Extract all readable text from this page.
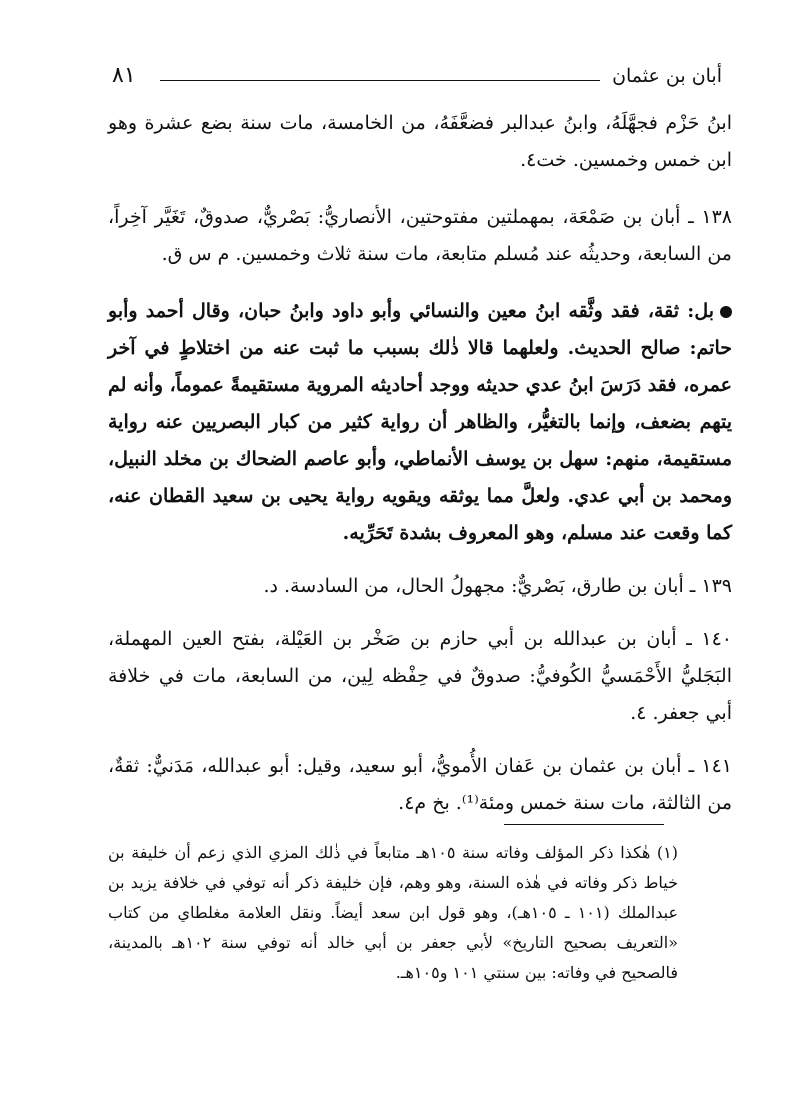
٨١	أبان بن عثمان

ابنُ حَزْم فجهَّلَهُ، وابنُ عبدالبر فضعَّفَهُ، من الخامسة، مات سنة بضع عشرة وهو ابن خمس وخمسين. خت٤.

١٣٨ ـ أبان بن صَمْعَة، بمهملتين مفتوحتين، الأنصاريُّ: بَصْريٌّ، صدوقٌ، تَغَيَّر آخِراً، من السابعة، وحديثُه عند مُسلم متابعة، مات سنة ثلاث وخمسين. م س ق.

بل: ثقة، فقد وثَّقه ابنُ معين والنسائي وأبو داود وابنُ حبان، وقال أحمد وأبو حاتم: صالح الحديث. ولعلهما قالا ذٰلك بسبب ما ثبت عنه من اختلاطٍ في آخر عمره، فقد دَرَسَ ابنُ عدي حديثه ووجد أحاديثه المروية مستقيمةً عموماً، وأنه لم يتهم بضعف، وإنما بالتغيُّر، والظاهر أن رواية كثير من كبار البصريين عنه رواية مستقيمة، منهم: سهل بن يوسف الأنماطي، وأبو عاصم الضحاك بن مخلد النبيل، ومحمد بن أبي عدي. ولعلَّ مما يوثقه ويقويه رواية يحيى بن سعيد القطان عنه، كما وقعت عند مسلم، وهو المعروف بشدة تَحَرِّيه.

١٣٩ ـ أبان بن طارق، بَصْريٌّ: مجهولُ الحال، من السادسة. د.

١٤٠ ـ أبان بن عبدالله بن أبي حازم بن صَخْر بن العَيْلة، بفتح العين المهملة، البَجَليُّ الأَحْمَسيُّ الكُوفيُّ: صدوقٌ في حِفْظه لِين، من السابعة، مات في خلافة أبي جعفر. ٤.

١٤١ ـ أبان بن عثمان بن عَفان الأُمويُّ، أبو سعيد، وقيل: أبو عبدالله، مَدَنيٌّ: ثقةٌ، من الثالثة، مات سنة خمس ومئة⁽¹⁾. بخ م٤.

(١) هٰكذا ذكر المؤلف وفاته سنة ١٠٥هـ متابعاً في ذٰلك المزي الذي زعم أن خليفة بن خياط ذكر وفاته في هٰذه السنة، وهو وهم، فإن خليفة ذكر أنه توفي في خلافة يزيد بن عبدالملك (١٠١ ـ ١٠٥هـ)، وهو قول ابن سعد أيضاً. ونقل العلامة مغلطاي من كتاب «التعريف بصحيح التاريخ» لأبي جعفر بن أبي خالد أنه توفي سنة ١٠٢هـ بالمدينة، فالصحيح في وفاته: بين سنتي ١٠١ و١٠٥هـ.
